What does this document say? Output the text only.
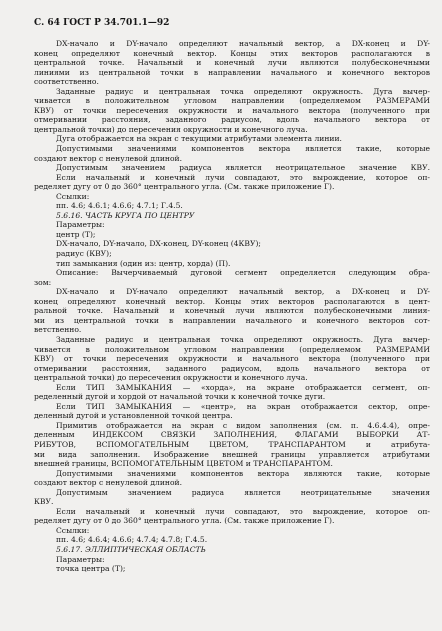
С. 64 ГОСТ Р 34.701.1—92
DX-начало и DY-начало определяют начальный вектор, а DX-конец и DY-
конец определяют конечный вектор. Концы этих векторов располагаются в
центральной точке. Начальный и конечный лучи являются полубесконечными
линиями из центральной точки в направлении начального и конечного векторов
соответственно.
Заданные радиус и центральная точка определяют окружность. Дуга вычер-
чивается в положительном угловом направлении (определяемом РАЗМЕРАМИ
КВУ) от точки пересечения окружности и начального вектора (полученного при
отмеривании расстояния, заданного радиусом, вдоль начального вектора от
центральной точки) до пересечения окружности и конечного луча.
Дуга отображается на экран с текущими атрибутами элемента линии.
Допустимыми значениями компонентов вектора является такие, которые
создают вектор с ненулевой длиной.
Допустимым значением радиуса является неотрицательное значение КВУ.
Если начальный и конечный лучи совпадают, это вырождение, которое оп-
ределяет дугу от 0 до 360° центрального угла. (См. также приложение Г).
Ссылки:
пп. 4.6; 4.6.1; 4.6.6; 4.7.1; Г.4.5.
5.6.16. ЧАСТЬ КРУГА ПО ЦЕНТРУ
Параметры:
центр (Т);
DX-начало, DY-начало, DX-конец, DY-конец (4КВУ);
радиус (КВУ);
тип замыкания (один из: центр, хорда) (П).
Описание: Вычерчиваемый дуговой сегмент определяется следующим обра-
зом:
DX-начало и DY-начало определяют начальный вектор, а DX-конец и DY-
конец определяют конечный вектор. Концы этих векторов располагаются в цент-
ральной точке. Начальный и конечный лучи являются полубесконечными линия-
ми из центральной точки в направлении начального и конечного векторов сот-
ветственно.
Заданные радиус и центральная точка определяют окружность. Дуга вычер-
чивается в положительном угловом направлении (определяемом РАЗМЕРАМИ
КВУ) от точки пересечения окружности и начального вектора (полученного при
отмеривании расстояния, заданного радиусом, вдоль начального вектора от
центральной точки) до пересечения окружности и конечного луча.
Если ТИП ЗАМЫКАНИЯ — «хорда», на экране отображается сегмент, оп-
ределенный дугой и хордой от начальной точки к конечной точке дуги.
Если ТИП ЗАМЫКАНИЯ — «центр», на экран отображается сектор, опре-
деленный дугой и установленной точкой центра.
Примитив отображается на экран с видом заполнения (см. п. 4.6.4.4), опре-
деленным ИНДЕКСОМ СВЯЗКИ ЗАПОЛНЕНИЯ, ФЛАГАМИ ВЫБОРКИ АТ-
РИБУТОВ, ВСПОМОГАТЕЛЬНЫМ ЦВЕТОМ, ТРАНСПАРАНТОМ и атрибута-
ми вида заполнения. Изображение внешней границы управляется атрибутами
внешней границы, ВСПОМОГАТЕЛЬНЫМ ЦВЕТОМ и ТРАНСПАРАНТОМ.
Допустимыми значениями компонентов вектора являются такие, которые
создают вектор с ненулевой длиной.
Допустимым значением радиуса является неотрицательные значения
КВУ.
Если начальный и конечный лучи совпадают, это вырождение, которое оп-
ределяет дугу от 0 до 360° центрального угла. (См. также приложение Г).
Ссылки:
пп. 4.6; 4.6.4; 4.6.6; 4.7.4; 4.7.8; Г.4.5.
5.6.17. ЭЛЛИПТИЧЕСКАЯ ОБЛАСТЬ
Параметры:
точка центра (Т);
